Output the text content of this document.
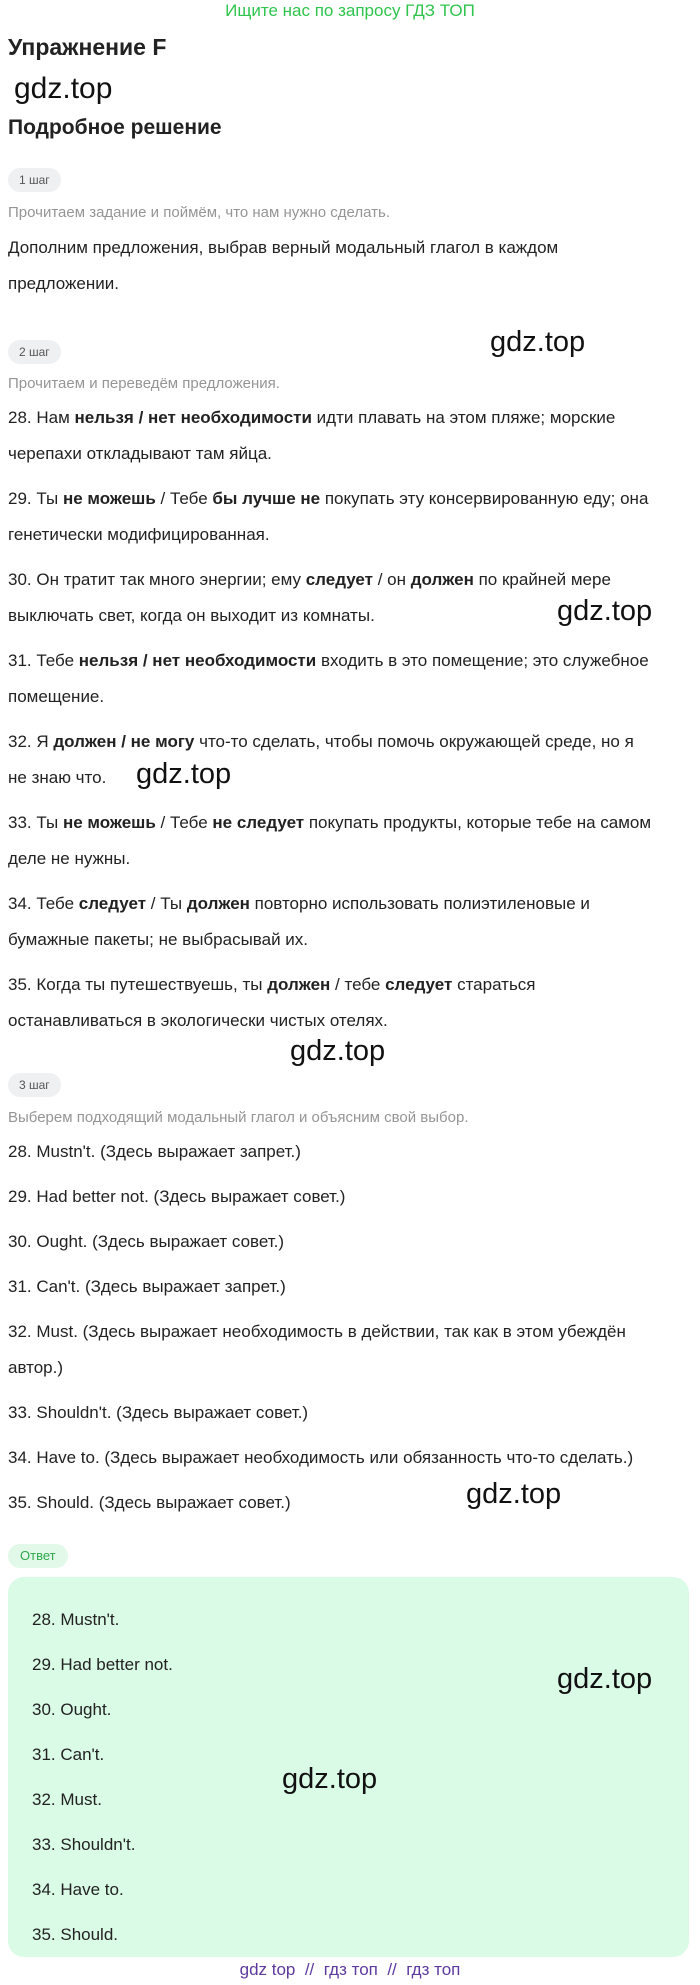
Ищите нас по запросу ГДЗ ТОП
Упражнение F
gdz.top
Подробное решение
1 шаг
Прочитаем задание и поймём, что нам нужно сделать.
Дополним предложения, выбрав верный модальный глагол в каждом
предложении.
2 шаг
Прочитаем и переведём предложения.
28. Нам нельзя / нет необходимости идти плавать на этом пляже; морские
черепахи откладывают там яйца.
29. Ты не можешь / Тебе бы лучше не покупать эту консервированную еду; она
генетически модифицированная.
30. Он тратит так много энергии; ему следует / он должен по крайней мере
выключать свет, когда он выходит из комнаты.
31. Тебе нельзя / нет необходимости входить в это помещение; это служебное
помещение.
32. Я должен / не могу что-то сделать, чтобы помочь окружающей среде, но я
не знаю что.
33. Ты не можешь / Тебе не следует покупать продукты, которые тебе на самом
деле не нужны.
34. Тебе следует / Ты должен повторно использовать полиэтиленовые и
бумажные пакеты; не выбрасывай их.
35. Когда ты путешествуешь, ты должен / тебе следует стараться
останавливаться в экологически чистых отелях.
3 шаг
Выберем подходящий модальный глагол и объясним свой выбор.
28. Mustn't. (Здесь выражает запрет.)
29. Had better not. (Здесь выражает совет.)
30. Ought. (Здесь выражает совет.)
31. Can't. (Здесь выражает запрет.)
32. Must. (Здесь выражает необходимость в действии, так как в этом убеждён
автор.)
33. Shouldn't. (Здесь выражает совет.)
34. Have to. (Здесь выражает необходимость или обязанность что-то сделать.)
35. Should. (Здесь выражает совет.)
Ответ
28. Mustn't.
29. Had better not.
30. Ought.
31. Can't.
32. Must.
33. Shouldn't.
34. Have to.
35. Should.
gdz.top
gdz.top
gdz.top
gdz.top
gdz.top
gdz.top
gdz.top
gdz top // гдз топ // гдз топ
